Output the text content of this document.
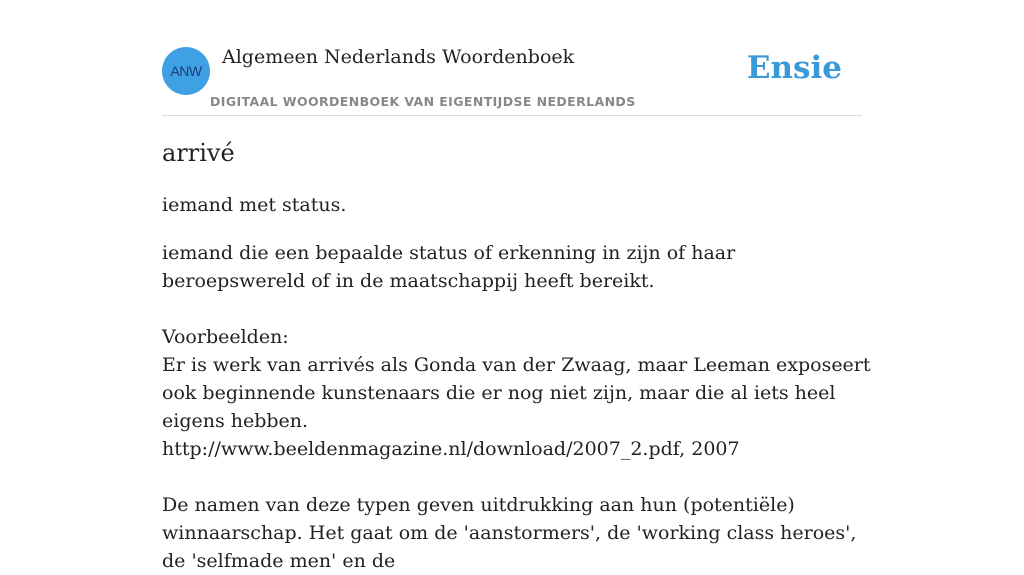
ANW
Algemeen Nederlands Woordenboek
DIGITAAL WOORDENBOEK VAN EIGENTIJDSE NEDERLANDS
Ensie
arrivé
iemand met status.

iemand die een bepaalde status of erkenning in zijn of haar beroepswereld of in de maatschappij heeft bereikt.

Voorbeelden:

Er is werk van arrivés als Gonda van der Zwaag, maar Leeman exposeert ook beginnende kunstenaars die er nog niet zijn, maar die al iets heel eigens hebben.

http://www.beeldenmagazine.nl/download/2007_2.pdf, 2007

De namen van deze typen geven uitdrukking aan hun (potentiële) winnaarschap. Het gaat om de 'aanstormers', de 'working class heroes', de 'selfmade men' en de
